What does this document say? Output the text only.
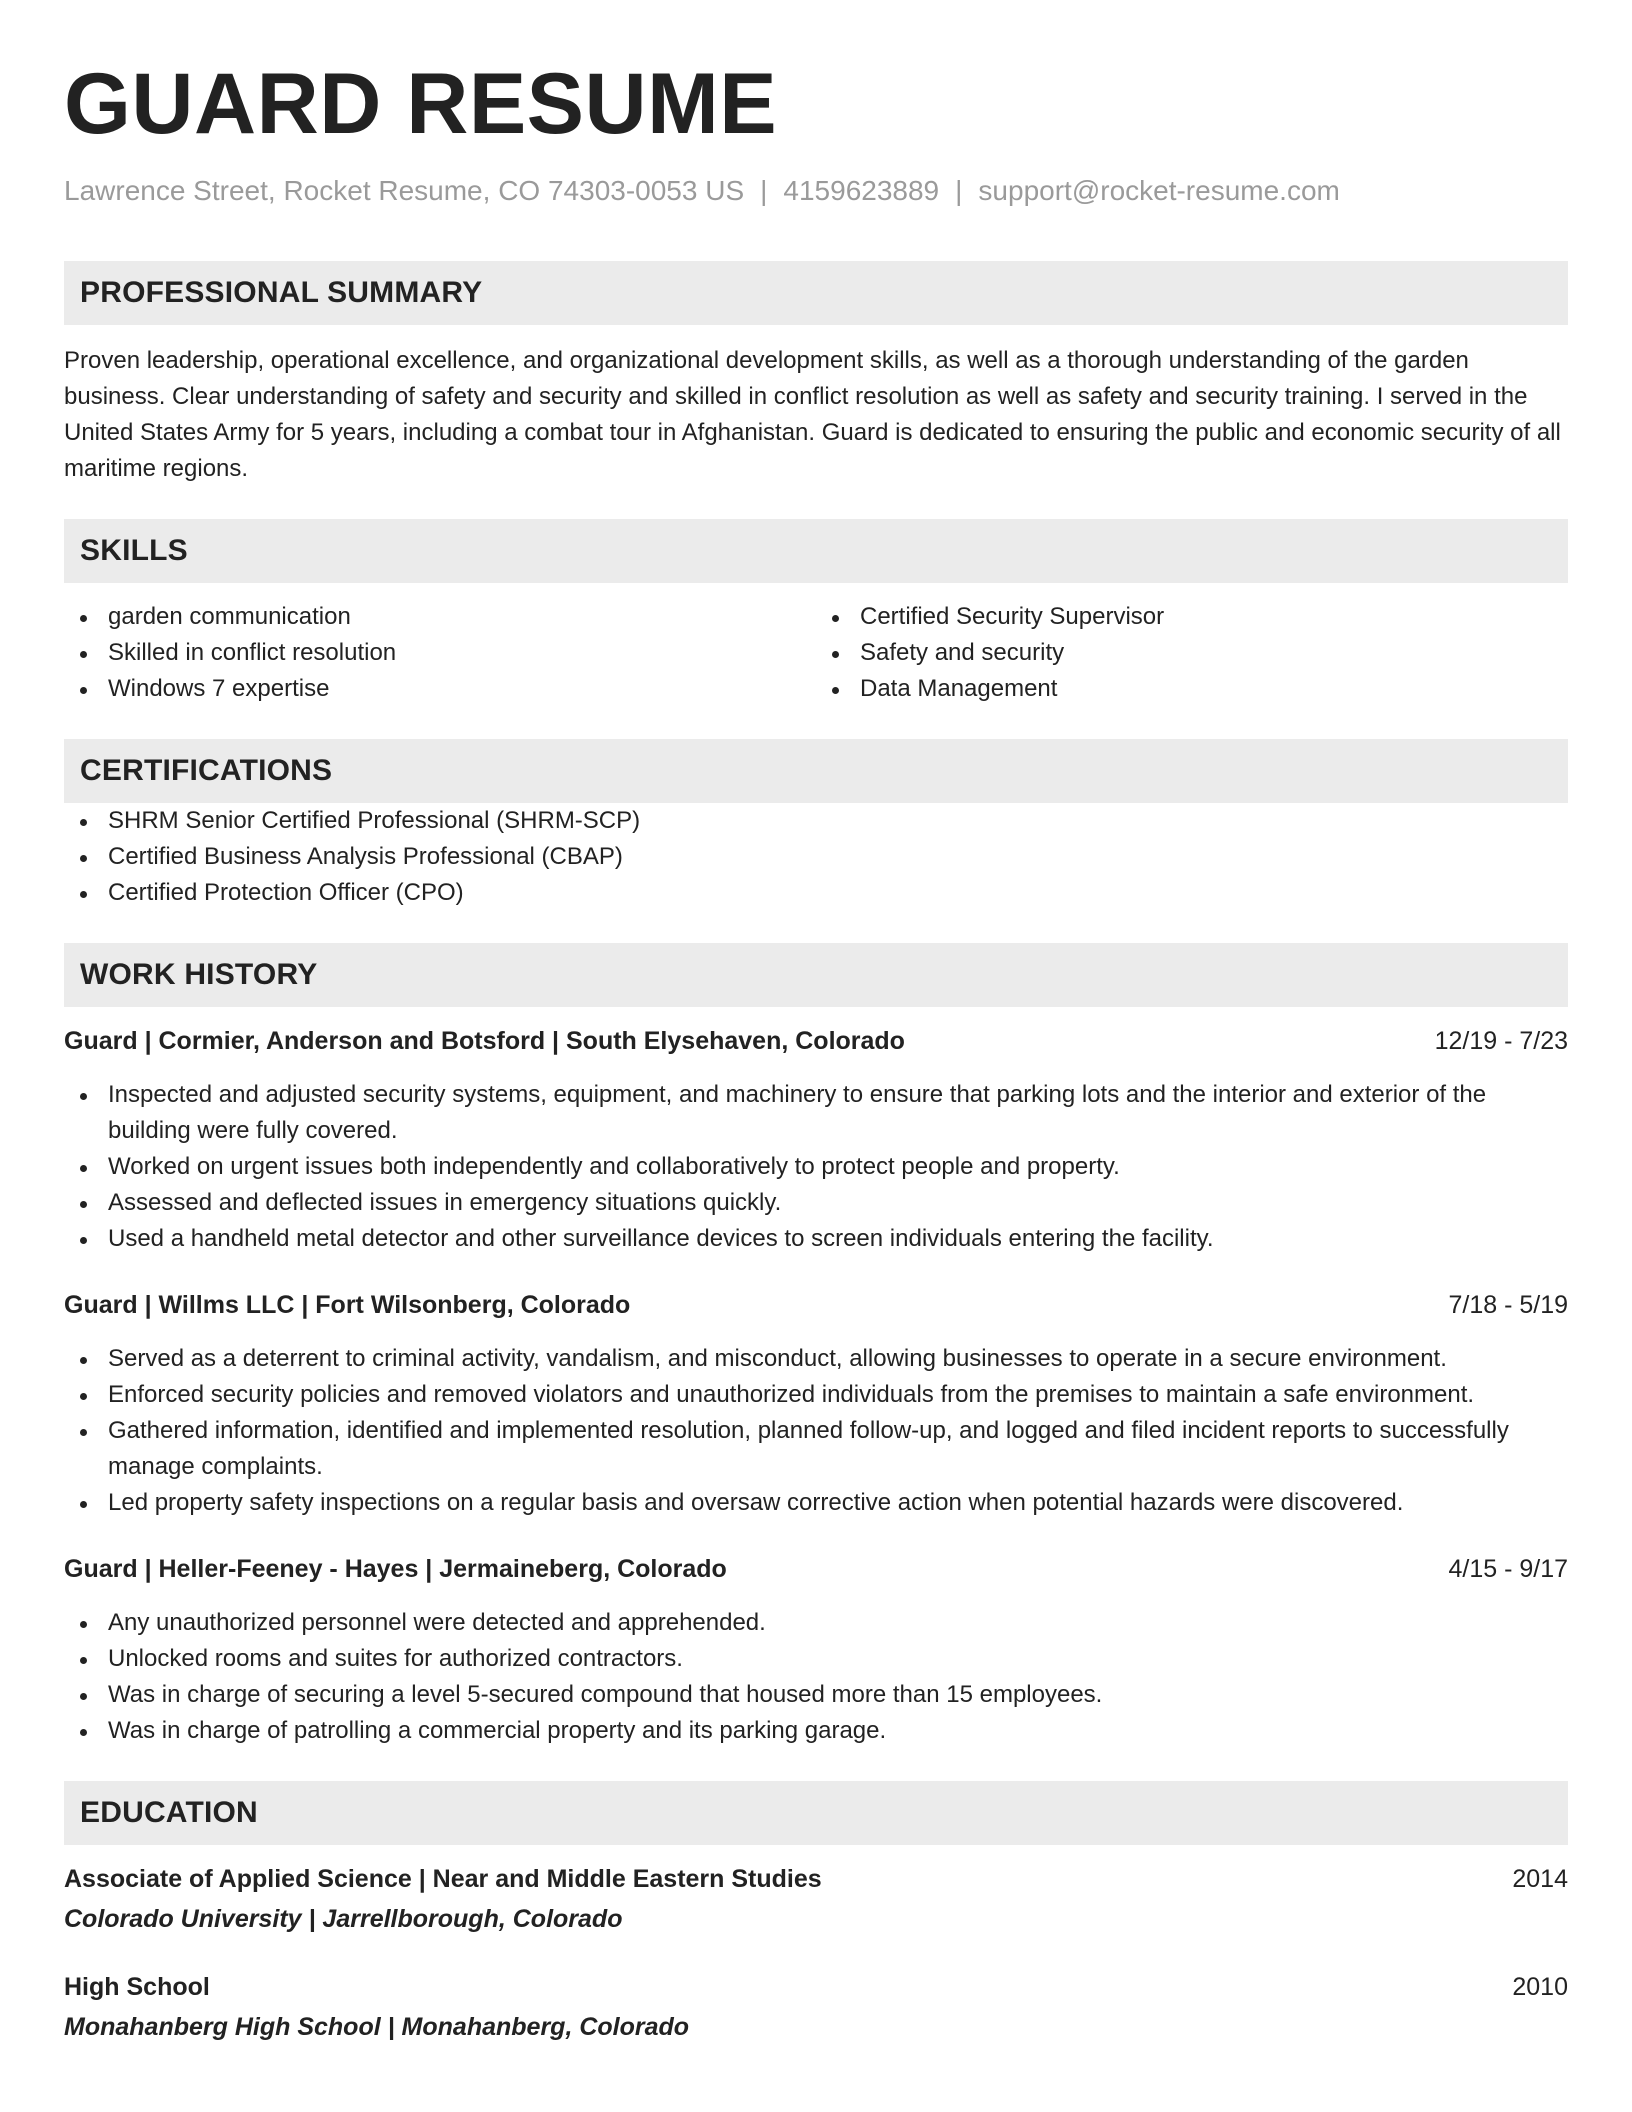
GUARD RESUME
Lawrence Street, Rocket Resume, CO 74303-0053 US | 4159623889 | support@rocket-resume.com
PROFESSIONAL SUMMARY
Proven leadership, operational excellence, and organizational development skills, as well as a thorough understanding of the garden business. Clear understanding of safety and security and skilled in conflict resolution as well as safety and security training. I served in the United States Army for 5 years, including a combat tour in Afghanistan. Guard is dedicated to ensuring the public and economic security of all maritime regions.
SKILLS
garden communication
Skilled in conflict resolution
Windows 7 expertise
Certified Security Supervisor
Safety and security
Data Management
CERTIFICATIONS
SHRM Senior Certified Professional (SHRM-SCP)
Certified Business Analysis Professional (CBAP)
Certified Protection Officer (CPO)
WORK HISTORY
Guard | Cormier, Anderson and Botsford | South Elysehaven, Colorado	12/19 - 7/23
Inspected and adjusted security systems, equipment, and machinery to ensure that parking lots and the interior and exterior of the building were fully covered.
Worked on urgent issues both independently and collaboratively to protect people and property.
Assessed and deflected issues in emergency situations quickly.
Used a handheld metal detector and other surveillance devices to screen individuals entering the facility.
Guard | Willms LLC | Fort Wilsonberg, Colorado	7/18 - 5/19
Served as a deterrent to criminal activity, vandalism, and misconduct, allowing businesses to operate in a secure environment.
Enforced security policies and removed violators and unauthorized individuals from the premises to maintain a safe environment.
Gathered information, identified and implemented resolution, planned follow-up, and logged and filed incident reports to successfully manage complaints.
Led property safety inspections on a regular basis and oversaw corrective action when potential hazards were discovered.
Guard | Heller-Feeney - Hayes | Jermaineberg, Colorado	4/15 - 9/17
Any unauthorized personnel were detected and apprehended.
Unlocked rooms and suites for authorized contractors.
Was in charge of securing a level 5-secured compound that housed more than 15 employees.
Was in charge of patrolling a commercial property and its parking garage.
EDUCATION
Associate of Applied Science | Near and Middle Eastern Studies	2014
Colorado University | Jarrellborough, Colorado
High School	2010
Monahanberg High School | Monahanberg, Colorado
